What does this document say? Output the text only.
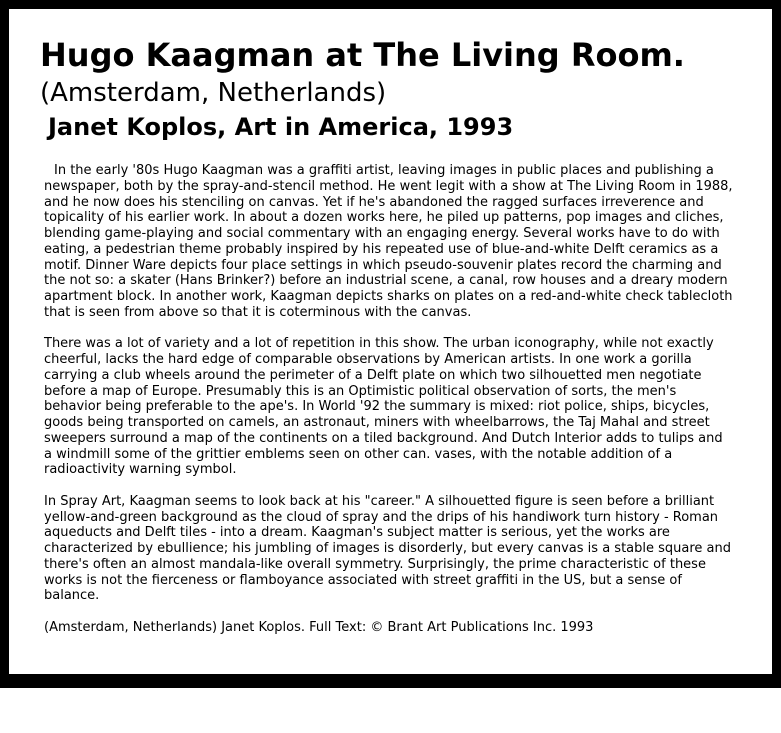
Hugo Kaagman at The Living Room.
(Amsterdam, Netherlands)
Janet Koplos, Art in America, 1993

In the early '80s Hugo Kaagman was a graffiti artist, leaving images in public places and publishing a newspaper, both by the spray-and-stencil method. He went legit with a show at The Living Room in 1988, and he now does his stenciling on canvas. Yet if he's abandoned the ragged surfaces irreverence and topicality of his earlier work. In about a dozen works here, he piled up patterns, pop images and cliches, blending game-playing and social commentary with an engaging energy. Several works have to do with eating, a pedestrian theme probably inspired by his repeated use of blue-and-white Delft ceramics as a motif. Dinner Ware depicts four place settings in which pseudo-souvenir plates record the charming and the not so: a skater (Hans Brinker?) before an industrial scene, a canal, row houses and a dreary modern apartment block. In another work, Kaagman depicts sharks on plates on a red-and-white check tablecloth that is seen from above so that it is coterminous with the canvas.

There was a lot of variety and a lot of repetition in this show. The urban iconography, while not exactly cheerful, lacks the hard edge of comparable observations by American artists. In one work a gorilla carrying a club wheels around the perimeter of a Delft plate on which two silhouetted men negotiate before a map of Europe. Presumably this is an Optimistic political observation of sorts, the men's behavior being preferable to the ape's. In World '92 the summary is mixed: riot police, ships, bicycles, goods being transported on camels, an astronaut, miners with wheelbarrows, the Taj Mahal and street sweepers surround a map of the continents on a tiled background. And Dutch Interior adds to tulips and a windmill some of the grittier emblems seen on other can. vases, with the notable addition of a radioactivity warning symbol.

In Spray Art, Kaagman seems to look back at his "career." A silhouetted figure is seen before a brilliant yellow-and-green background as the cloud of spray and the drips of his handiwork turn history - Roman aqueducts and Delft tiles - into a dream. Kaagman's subject matter is serious, yet the works are characterized by ebullience; his jumbling of images is disorderly, but every canvas is a stable square and there's often an almost mandala-like overall symmetry. Surprisingly, the prime characteristic of these works is not the fierceness or flamboyance associated with street graffiti in the US, but a sense of balance.

(Amsterdam, Netherlands) Janet Koplos. Full Text: © Brant Art Publications Inc. 1993
